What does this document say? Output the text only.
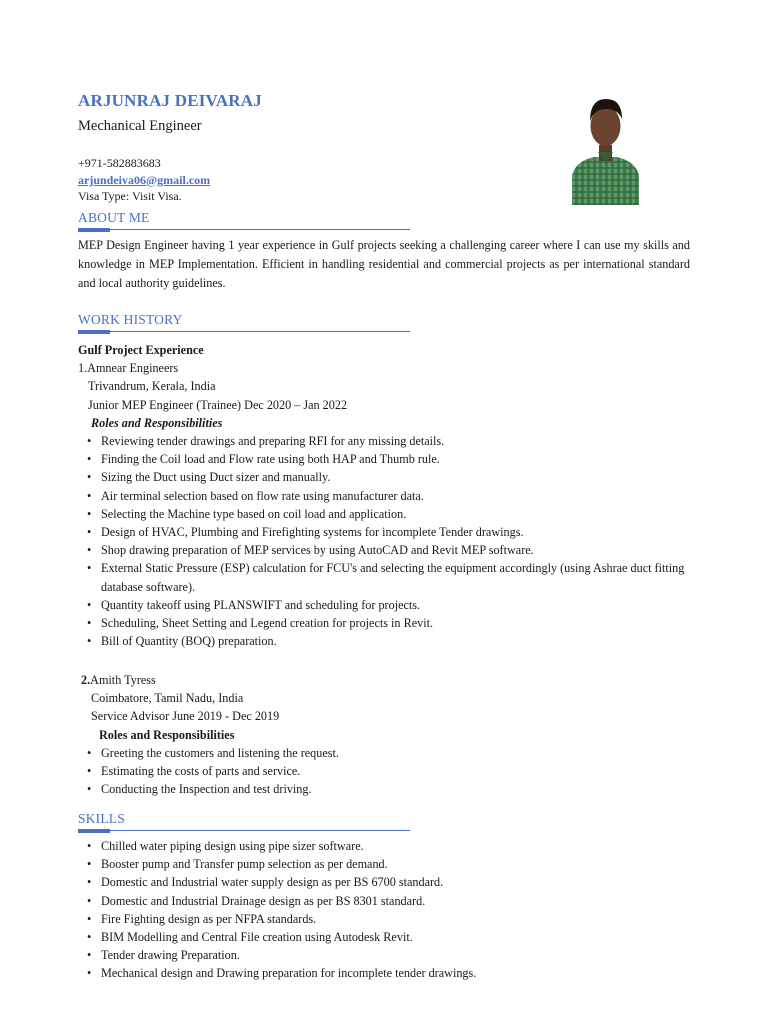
ARJUNRAJ DEIVARAJ
Mechanical Engineer
+971-582883683
arjundeiva06@gmail.com
Visa Type: Visit Visa.
ABOUT ME
MEP Design Engineer having 1 year experience in Gulf projects seeking a challenging career where I can use my skills and knowledge in MEP Implementation. Efficient in handling residential and commercial projects as per international standard and local authority guidelines.
WORK HISTORY
Gulf Project Experience
1.Amnear Engineers
Trivandrum, Kerala, India
Junior MEP Engineer (Trainee) Dec 2020 – Jan 2022
Roles and Responsibilities
• Reviewing tender drawings and preparing RFI for any missing details.
• Finding the Coil load and Flow rate using both HAP and Thumb rule.
• Sizing the Duct using Duct sizer and manually.
• Air terminal selection based on flow rate using manufacturer data.
• Selecting the Machine type based on coil load and application.
• Design of HVAC, Plumbing and Firefighting systems for incomplete Tender drawings.
• Shop drawing preparation of MEP services by using AutoCAD and Revit MEP software.
• External Static Pressure (ESP) calculation for FCU's and selecting the equipment accordingly (using Ashrae duct fitting database software).
• Quantity takeoff using PLANSWIFT and scheduling for projects.
• Scheduling, Sheet Setting and Legend creation for projects in Revit.
• Bill of Quantity (BOQ) preparation.
2.Amith Tyress
Coimbatore, Tamil Nadu, India
Service Advisor June 2019 - Dec 2019
Roles and Responsibilities
• Greeting the customers and listening the request.
• Estimating the costs of parts and service.
• Conducting the Inspection and test driving.
SKILLS
• Chilled water piping design using pipe sizer software.
• Booster pump and Transfer pump selection as per demand.
• Domestic and Industrial water supply design as per BS 6700 standard.
• Domestic and Industrial Drainage design as per BS 8301 standard.
• Fire Fighting design as per NFPA standards.
• BIM Modelling and Central File creation using Autodesk Revit.
• Tender drawing Preparation.
• Mechanical design and Drawing preparation for incomplete tender drawings.
